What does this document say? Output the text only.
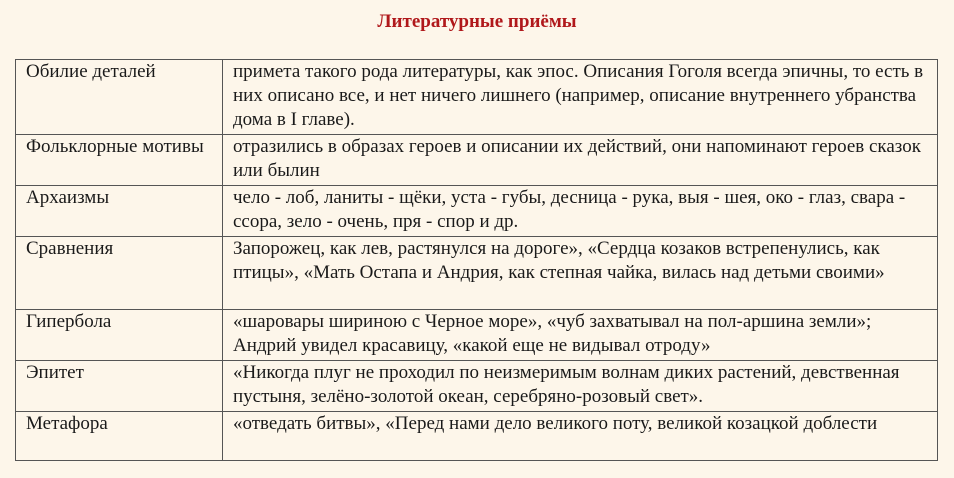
Литературные приёмы
Обилие деталей	примета такого рода литературы, как эпос. Описания Гоголя всегда эпичны, то есть в них описано все, и нет ничего лишнего (например, описание внутреннего убранства дома в I главе).
Фольклорные мотивы	отразились в образах героев и описании их действий, они напоминают героев сказок или былин
Архаизмы	чело - лоб, ланиты - щёки, уста - губы, десница - рука, выя - шея, око - глаз, свара - ссора, зело - очень, пря - спор и др.
Сравнения	Запорожец, как лев, растянулся на дороге», «Сердца козаков встрепенулись, как птицы», «Мать Остапа и Андрия, как степная чайка, вилась над детьми своими»
Гипербола	«шаровары шириною с Черное море», «чуб захватывал на пол-аршина земли»; Андрий увидел красавицу, «какой еще не видывал отроду»
Эпитет	«Никогда плуг не проходил по неизмеримым волнам диких растений, девственная пустыня, зелёно-золотой океан, серебряно-розовый свет».
Метафора	«отведать битвы», «Перед нами дело великого поту, великой козацкой доблести
